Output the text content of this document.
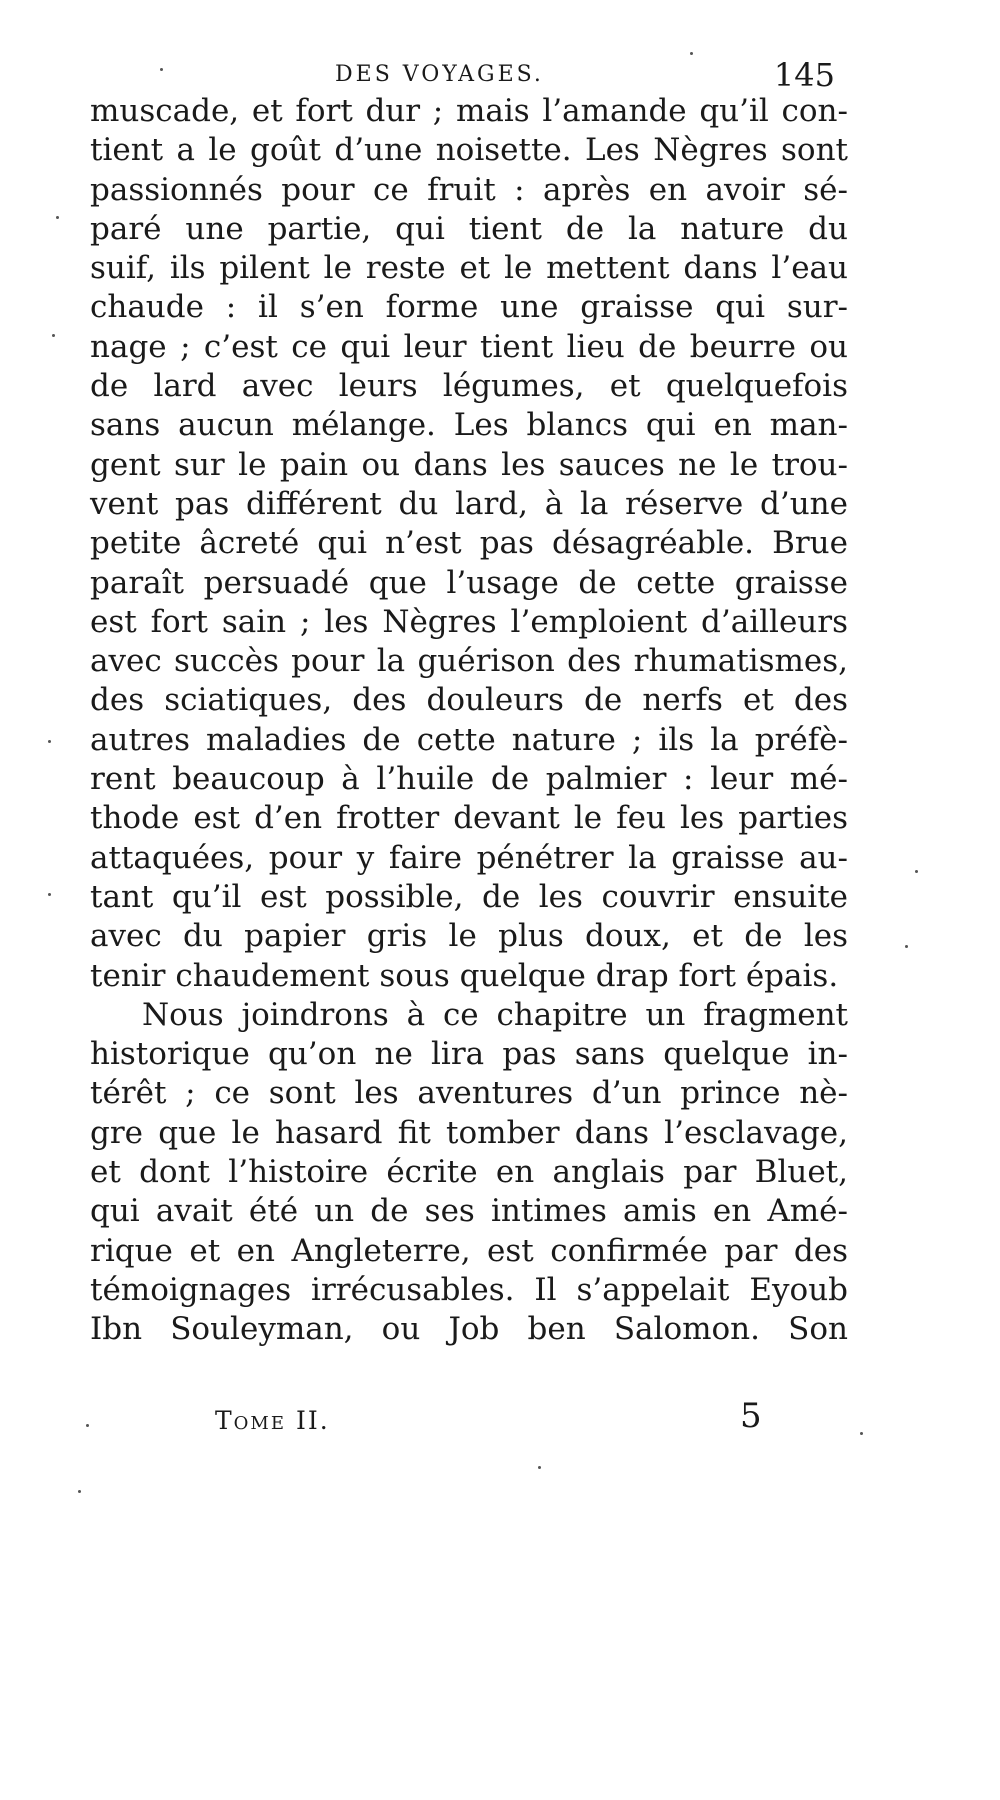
DES VOYAGES.	145
muscade, et fort dur ; mais l’amande qu’il con-
tient a le goût d’une noisette. Les Nègres sont
passionnés pour ce fruit : après en avoir sé-
paré une partie, qui tient de la nature du
suif, ils pilent le reste et le mettent dans l’eau
chaude : il s’en forme une graisse qui sur-
nage ; c’est ce qui leur tient lieu de beurre ou
de lard avec leurs légumes, et quelquefois
sans aucun mélange. Les blancs qui en man-
gent sur le pain ou dans les sauces ne le trou-
vent pas différent du lard, à la réserve d’une
petite âcreté qui n’est pas désagréable. Brue
paraît persuadé que l’usage de cette graisse
est fort sain ; les Nègres l’emploient d’ailleurs
avec succès pour la guérison des rhumatismes,
des sciatiques, des douleurs de nerfs et des
autres maladies de cette nature ; ils la préfè-
rent beaucoup à l’huile de palmier : leur mé-
thode est d’en frotter devant le feu les parties
attaquées, pour y faire pénétrer la graisse au-
tant qu’il est possible, de les couvrir ensuite
avec du papier gris le plus doux, et de les
tenir chaudement sous quelque drap fort épais.
Nous joindrons à ce chapitre un fragment
historique qu’on ne lira pas sans quelque in-
térêt ; ce sont les aventures d’un prince nè-
gre que le hasard fit tomber dans l’esclavage,
et dont l’histoire écrite en anglais par Bluet,
qui avait été un de ses intimes amis en Amé-
rique et en Angleterre, est confirmée par des
témoignages irrécusables. Il s’appelait Eyoub
Ibn Souleyman, ou Job ben Salomon. Son
Tome II.	5
